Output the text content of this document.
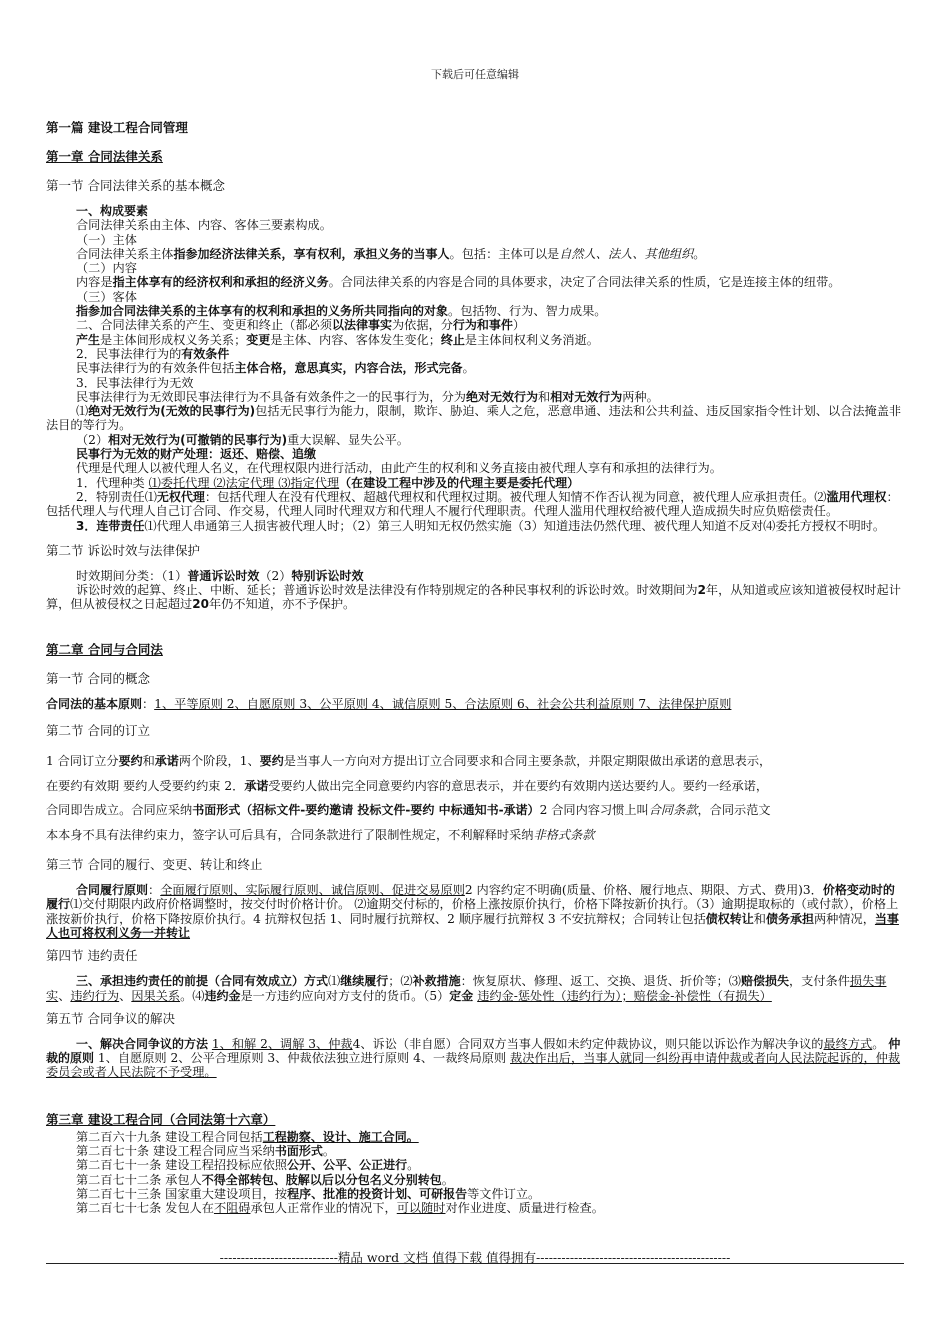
下载后可任意编辑
第一篇 建设工程合同管理
第一章 合同法律关系
第一节 合同法律关系的基本概念

一、构成要素

合同法律关系由主体、内容、客体三要素构成。

（一）主体

合同法律关系主体指参加经济法律关系，享有权利，承担义务的当事人。包括：主体可以是自然人、法人、其他组织。

（二）内容

内容是指主体享有的经济权利和承担的经济义务。合同法律关系的内容是合同的具体要求，决定了合同法律关系的性质，它是连接主体的纽带。

（三）客体

指参加合同法律关系的主体享有的权利和承担的义务所共同指向的对象。包括物、行为、智力成果。

二、合同法律关系的产生、变更和终止（都必须以法律事实为依据，分行为和事件）

产生是主体间形成权义务关系；变更是主体、内容、客体发生变化；终止是主体间权利义务消逝。

2．民事法律行为的有效条件

民事法律行为的有效条件包括主体合格，意思真实，内容合法，形式完备。

3．民事法律行为无效

民事法律行为无效即民事法律行为不具备有效条件之一的民事行为，分为绝对无效行为和相对无效行为两种。

⑴绝对无效行为(无效的民事行为)包括无民事行为能力，限制，欺诈、胁迫、乘人之危，恶意串通、违法和公共利益、违反国家指令性计划、以合法掩盖非法目的等行为。

（2）相对无效行为(可撤销的民事行为)重大误解、显失公平。

民事行为无效的财产处理：返还、赔偿、追缴

代理是代理人以被代理人名义，在代理权限内进行活动，由此产生的权利和义务直接由被代理人享有和承担的法律行为。

1．代理种类 ⑴委托代理 ⑵法定代理 ⑶指定代理（在建设工程中涉及的代理主要是委托代理）

2．特别责任⑴无权代理：包括代理人在没有代理权、超越代理权和代理权过期。被代理人知情不作否认视为同意，被代理人应承担责任。⑵滥用代理权：包括代理人与代理人自己订合同、作交易，代理人同时代理双方和代理人不履行代理职责。代理人滥用代理权给被代理人造成损失时应负赔偿责任。

3．连带责任⑴代理人串通第三人损害被代理人时；（2）第三人明知无权仍然实施（3）知道违法仍然代理、被代理人知道不反对⑷委托方授权不明时。

第二节 诉讼时效与法律保护

时效期间分类：（1）普通诉讼时效（2）特别诉讼时效

诉讼时效的起算、终止、中断、延长；普通诉讼时效是法律没有作特别规定的各种民事权利的诉讼时效。时效期间为2年，从知道或应该知道被侵权时起计算，但从被侵权之日起超过20年仍不知道，亦不予保护。

第二章 合同与合同法
第一节 合同的概念

合同法的基本原则：1、平等原则 2、自愿原则 3、公平原则 4、诚信原则 5、合法原则 6、社会公共利益原则 7、法律保护原则

第二节 合同的订立

1 合同订立分要约和承诺两个阶段，1、要约是当事人一方向对方提出订立合同要求和合同主要条款，并限定期限做出承诺的意思表示，

在要约有效期 要约人受要约约束 2．承诺受要约人做出完全同意要约内容的意思表示，并在要约有效期内送达要约人。要约一经承诺，

合同即告成立。合同应采纳书面形式（招标文件-要约邀请 投标文件-要约 中标通知书-承诺）2 合同内容习惯上叫合同条款，合同示范文

本本身不具有法律约束力，签字认可后具有，合同条款进行了限制性规定，不利解释时采纳非格式条款

第三节 合同的履行、变更、转让和终止

合同履行原则：全面履行原则、实际履行原则、诚信原则、促进交易原则2 内容约定不明确(质量、价格、履行地点、期限、方式、费用)3．价格变动时的履行⑴交付期限内政府价格调整时，按交付时价格计价。 ⑵逾期交付标的，价格上涨按原价执行，价格下降按新价执行。（3）逾期提取标的（或付款），价格上涨按新价执行，价格下降按原价执行。4 抗辩权包括 1、同时履行抗辩权、2 顺序履行抗辩权 3 不安抗辩权；合同转让包括债权转让和债务承担两种情况，当事人也可将权利义务一并转让

第四节 违约责任

三、承担违约责任的前提（合同有效成立）方式⑴继续履行；⑵补救措施：恢复原状、修理、返工、交换、退货、折价等；⑶赔偿损失，支付条件损失事实、违约行为、因果关系。⑷违约金是一方违约应向对方支付的货币。（5）定金 违约金-惩处性（违约行为）；赔偿金-补偿性（有损失）

第五节 合同争议的解决

一、解决合同争议的方法 1、和解 2、调解 3、仲裁4、诉讼（非自愿）合同双方当事人假如未约定仲裁协议，则只能以诉讼作为解决争议的最终方式。 仲裁的原则 1、自愿原则 2、公平合理原则 3、仲裁依法独立进行原则 4、一裁终局原则 裁决作出后，当事人就同一纠纷再申请仲裁或者向人民法院起诉的，仲裁委员会或者人民法院不予受理。

第三章 建设工程合同（合同法第十六章）

第二百六十九条 建设工程合同包括工程勘察、设计、施工合同。

第二百七十条 建设工程合同应当采纳书面形式。

第二百七十一条 建设工程招投标应依照公开、公平、公正进行。

第二百七十二条 承包人不得全部转包、肢解以后以分包名义分别转包。

第二百七十三条 国家重大建设项目，按程序、批准的投资计划、可研报告等文件订立。

第二百七十七条 发包人在不阻碍承包人正常作业的情况下，可以随时对作业进度、质量进行检查。

----------------------------精品 word 文档 值得下载 值得拥有----------------------------------------------
